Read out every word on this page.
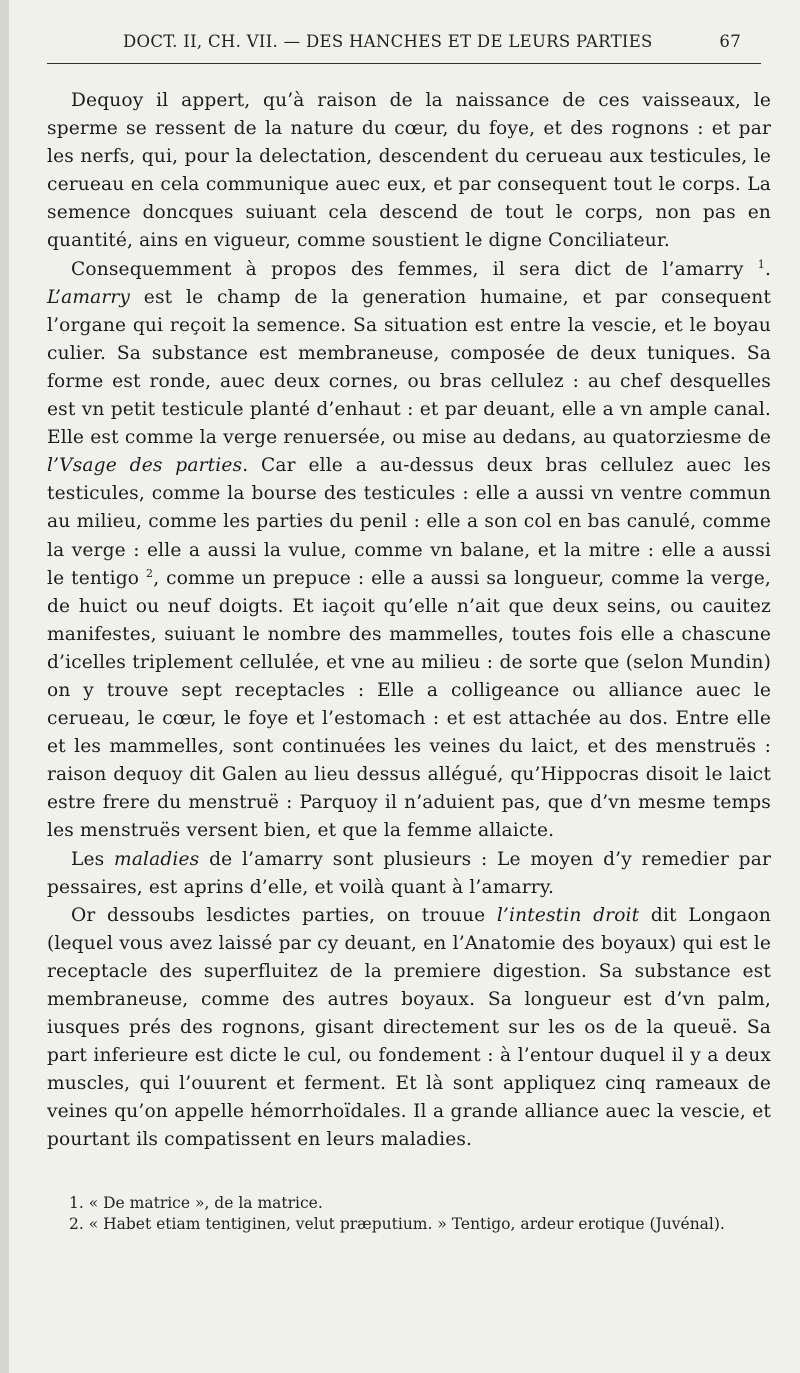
DOCT. II, CH. VII. — DES HANCHES ET DE LEURS PARTIES	67

Dequoy il appert, qu’à raison de la naissance de ces vaisseaux, le sperme se ressent de la nature du cœur, du foye, et des rognons : et par les nerfs, qui, pour la delectation, descendent du cerueau aux testicules, le cerueau en cela communique auec eux, et par consequent tout le corps. La semence doncques suiuant cela descend de tout le corps, non pas en quantité, ains en vigueur, comme soustient le digne Conciliateur.

Consequemment à propos des femmes, il sera dict de l’amarry $^1$. L’amarry est le champ de la generation humaine, et par consequent l’organe qui reçoit la semence. Sa situation est entre la vescie, et le boyau culier. Sa substance est membraneuse, composée de deux tuniques. Sa forme est ronde, auec deux cornes, ou bras cellulez : au chef desquelles est vn petit testicule planté d’enhaut : et par deuant, elle a vn ample canal. Elle est comme la verge renuersée, ou mise au dedans, au quatorziesme de l’Vsage des parties. Car elle a au-dessus deux bras cellulez auec les testicules, comme la bourse des testicules : elle a aussi vn ventre commun au milieu, comme les parties du penil : elle a son col en bas canulé, comme la verge : elle a aussi la vulue, comme vn balane, et la mitre : elle a aussi le tentigo $^2$, comme un prepuce : elle a aussi sa longueur, comme la verge, de huict ou neuf doigts. Et iaçoit qu’elle n’ait que deux seins, ou cauitez manifestes, suiuant le nombre des mammelles, toutes fois elle a chascune d’icelles triplement cellulée, et vne au milieu : de sorte que (selon Mundin) on y trouve sept receptacles : Elle a colligeance ou alliance auec le cerueau, le cœur, le foye et l’estomach : et est attachée au dos. Entre elle et les mammelles, sont continuées les veines du laict, et des menstruës : raison dequoy dit Galen au lieu dessus allégué, qu’Hippocras disoit le laict estre frere du menstruë : Parquoy il n’aduient pas, que d’vn mesme temps les menstruës versent bien, et que la femme allaicte.

Les maladies de l’amarry sont plusieurs : Le moyen d’y remedier par pessaires, est aprins d’elle, et voilà quant à l’amarry.

Or dessoubs lesdictes parties, on trouue l’intestin droit dit Longaon (lequel vous avez laissé par cy deuant, en l’Anatomie des boyaux) qui est le receptacle des superfluitez de la premiere digestion. Sa substance est membraneuse, comme des autres boyaux. Sa longueur est d’vn palm, iusques prés des rognons, gisant directement sur les os de la queuë. Sa part inferieure est dicte le cul, ou fondement : à l’entour duquel il y a deux muscles, qui l’ouurent et ferment. Et là sont appliquez cinq rameaux de veines qu’on appelle hémorrhoïdales. Il a grande alliance auec la vescie, et pourtant ils compatissent en leurs maladies.

1. « De matrice », de la matrice.

2. « Habet etiam tentiginen, velut præputium. » Tentigo, ardeur erotique (Juvénal).
